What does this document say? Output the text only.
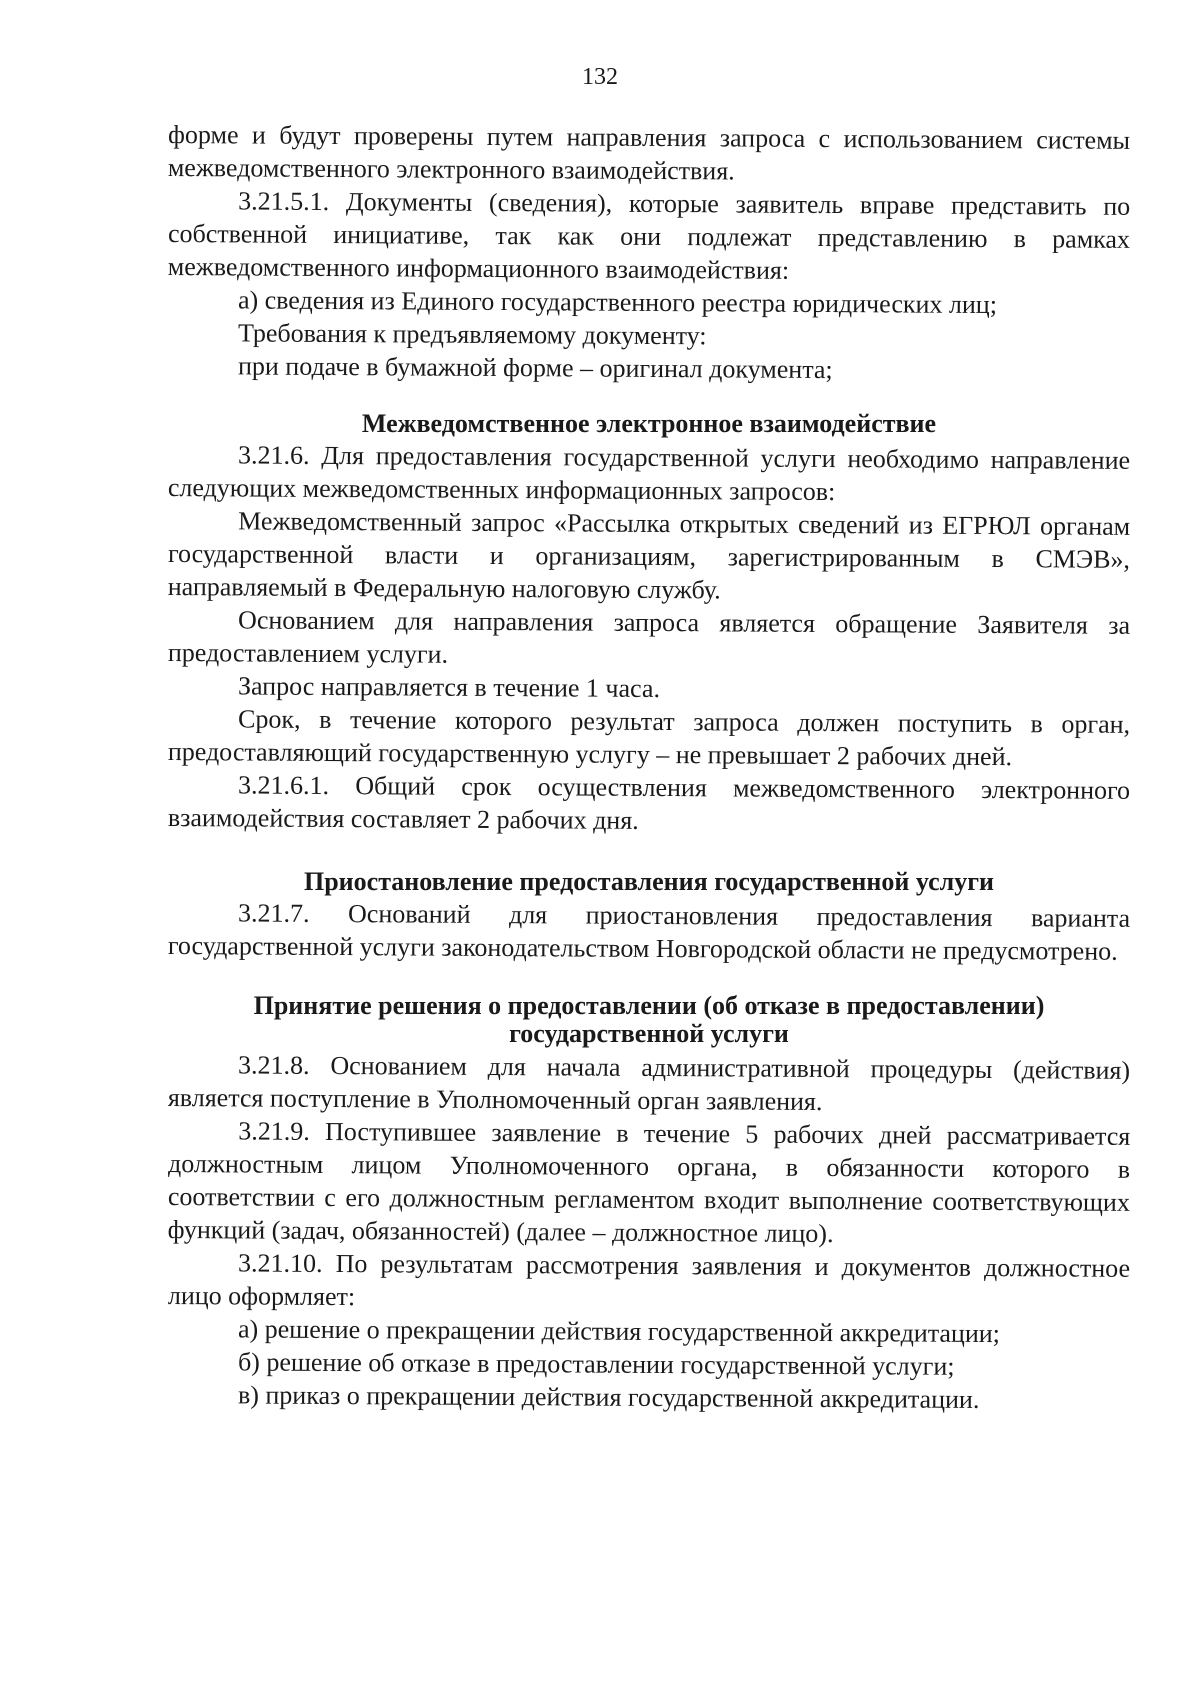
132

форме и будут проверены путем направления запроса с использованием системы межведомственного электронного взаимодействия.

3.21.5.1. Документы (сведения), которые заявитель вправе представить по собственной инициативе, так как они подлежат представлению в рамках межведомственного информационного взаимодействия:

а) сведения из Единого государственного реестра юридических лиц;

Требования к предъявляемому документу:

при подаче в бумажной форме – оригинал документа;

Межведомственное электронное взаимодействие

3.21.6. Для предоставления государственной услуги необходимо направление следующих межведомственных информационных запросов:

Межведомственный запрос «Рассылка открытых сведений из ЕГРЮЛ органам государственной власти и организациям, зарегистрированным в СМЭВ», направляемый в Федеральную налоговую службу.

Основанием для направления запроса является обращение Заявителя за предоставлением услуги.

Запрос направляется в течение 1 часа.

Срок, в течение которого результат запроса должен поступить в орган, предоставляющий государственную услугу – не превышает 2 рабочих дней.

3.21.6.1. Общий срок осуществления межведомственного электронного взаимодействия составляет 2 рабочих дня.

Приостановление предоставления государственной услуги

3.21.7. Оснований для приостановления предоставления варианта государственной услуги законодательством Новгородской области не предусмотрено.

Принятие решения о предоставлении (об отказе в предоставлении)

государственной услуги

3.21.8. Основанием для начала административной процедуры (действия) является поступление в Уполномоченный орган заявления.

3.21.9. Поступившее заявление в течение 5 рабочих дней рассматривается должностным лицом Уполномоченного органа, в обязанности которого в соответствии с его должностным регламентом входит выполнение соответствующих функций (задач, обязанностей) (далее – должностное лицо).

3.21.10. По результатам рассмотрения заявления и документов должностное лицо оформляет:

а) решение о прекращении действия государственной аккредитации;

б) решение об отказе в предоставлении государственной услуги;

в) приказ о прекращении действия государственной аккредитации.
